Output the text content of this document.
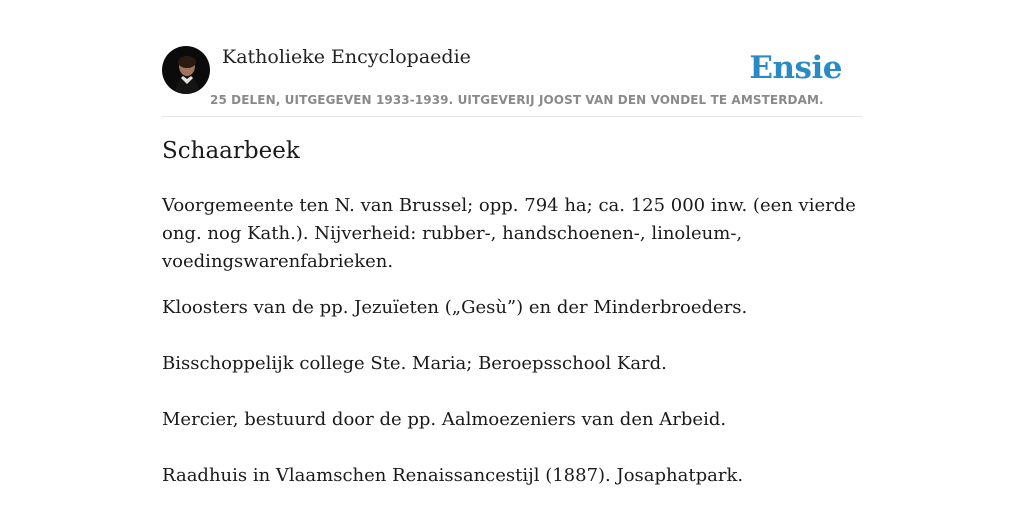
Katholieke Encyclopaedie
25 DELEN, UITGEGEVEN 1933-1939. UITGEVERIJ JOOST VAN DEN VONDEL TE AMSTERDAM.
Ensie
Schaarbeek

Voorgemeente ten N. van Brussel; opp. 794 ha; ca. 125 000 inw. (een vierde ong. nog Kath.). Nijverheid: rubber-, handschoenen-, linoleum-, voedingswarenfabrieken.

Kloosters van de pp. Jezuïeten („Gesù”) en der Minderbroeders.

Bisschoppelijk college Ste. Maria; Beroepsschool Kard.

Mercier, bestuurd door de pp. Aalmoezeniers van den Arbeid.

Raadhuis in Vlaamschen Renaissancestijl (1887). Josaphatpark.
